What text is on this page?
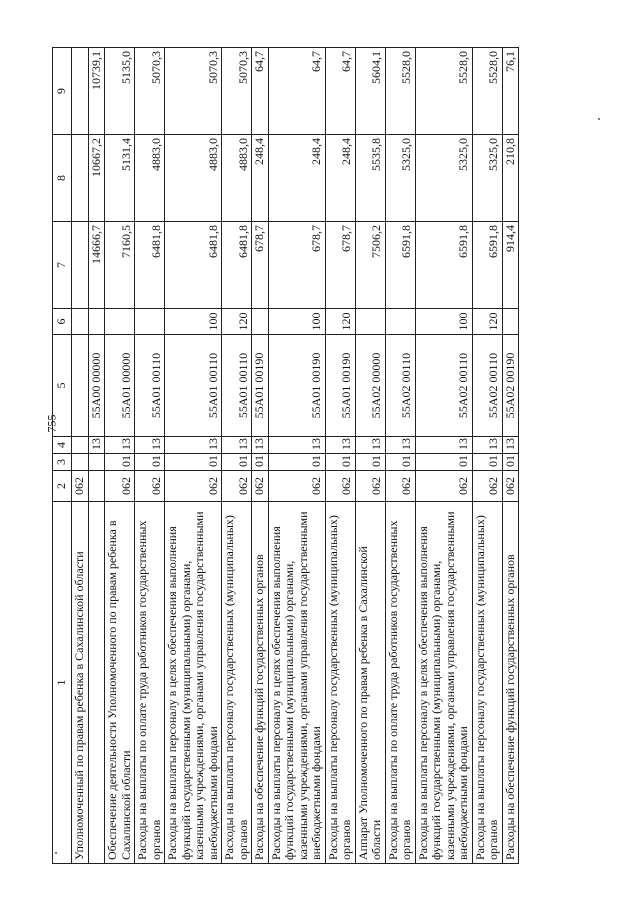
755
1	2	3	4	5	6	7	8	9
Уполномоченный по правам ребенка в Сахалинской области	062							
			13	55А00 00000		14666,7	10667,2	10739,1
Обеспечение деятельности Уполномоченного по правам ребенка в Сахалинской области	062	01	13	55А01 00000		7160,5	5131,4	5135,0
Расходы на выплаты по оплате труда работников государственных органов	062	01	13	55А01 00110		6481,8	4883,0	5070,3
Расходы на выплаты персоналу в целях обеспечения выполнения функций государственными (муниципальными) органами, казенными учреждениями, органами управления государственными внебюджетными фондами	062	01	13	55А01 00110	100	6481,8	4883,0	5070,3
Расходы на выплаты персоналу государственных (муниципальных) органов	062	01	13	55А01 00110	120	6481,8	4883,0	5070,3
Расходы на обеспечение функций государственных органов	062	01	13	55А01 00190		678,7	248,4	64,7
Расходы на выплаты персоналу в целях обеспечения выполнения функций государственными (муниципальными) органами, казенными учреждениями, органами управления государственными внебюджетными фондами	062	01	13	55А01 00190	100	678,7	248,4	64,7
Расходы на выплаты персоналу государственных (муниципальных) органов	062	01	13	55А01 00190	120	678,7	248,4	64,7
Аппарат Уполномоченного по правам ребенка в Сахалинской области	062	01	13	55А02 00000		7506,2	5535,8	5604,1
Расходы на выплаты по оплате труда работников государственных органов	062	01	13	55А02 00110		6591,8	5325,0	5528,0
Расходы на выплаты персоналу в целях обеспечения выполнения функций государственными (муниципальными) органами, казенными учреждениями, органами управления государственными внебюджетными фондами	062	01	13	55А02 00110	100	6591,8	5325,0	5528,0
Расходы на выплаты персоналу государственных (муниципальных) органов	062	01	13	55А02 00110	120	6591,8	5325,0	5528,0
Расходы на обеспечение функций государственных органов	062	01	13	55А02 00190		914,4	210,8	76,1
